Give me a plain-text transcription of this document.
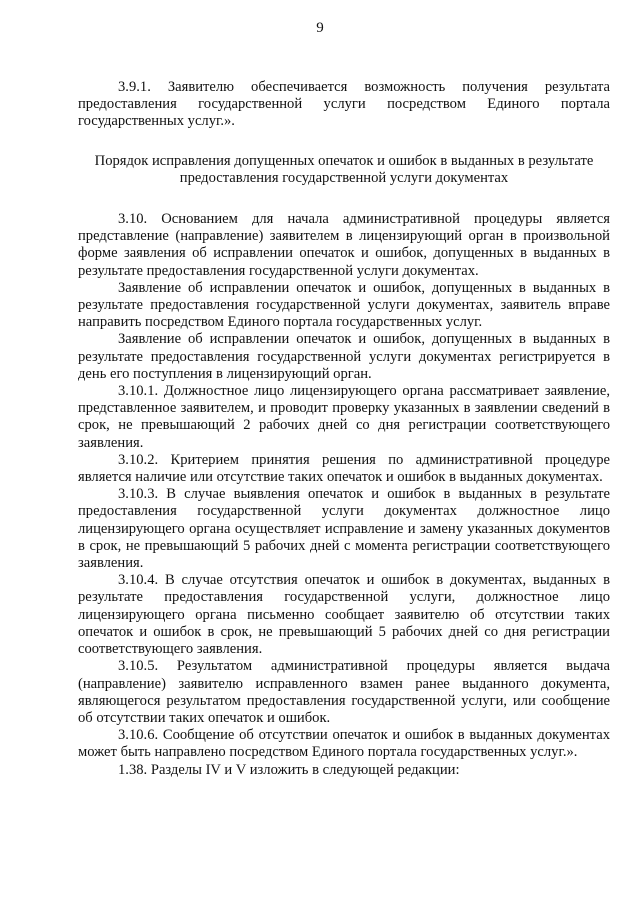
9

3.9.1. Заявителю обеспечивается возможность получения результата предоставления государственной услуги посредством Единого портала государственных услуг.».

Порядок исправления допущенных опечаток и ошибок в выданных в результате предоставления государственной услуги документах

3.10. Основанием для начала административной процедуры является представление (направление) заявителем в лицензирующий орган в произвольной форме заявления об исправлении опечаток и ошибок, допущенных в выданных в результате предоставления государственной услуги документах.

Заявление об исправлении опечаток и ошибок, допущенных в выданных в результате предоставления государственной услуги документах, заявитель вправе направить посредством Единого портала государственных услуг.

Заявление об исправлении опечаток и ошибок, допущенных в выданных в результате предоставления государственной услуги документах регистрируется в день его поступления в лицензирующий орган.

3.10.1. Должностное лицо лицензирующего органа рассматривает заявление, представленное заявителем, и проводит проверку указанных в заявлении сведений в срок, не превышающий 2 рабочих дней со дня регистрации соответствующего заявления.

3.10.2. Критерием принятия решения по административной процедуре является наличие или отсутствие таких опечаток и ошибок в выданных документах.

3.10.3. В случае выявления опечаток и ошибок в выданных в результате предоставления государственной услуги документах должностное лицо лицензирующего органа осуществляет исправление и замену указанных документов в срок, не превышающий 5 рабочих дней с момента регистрации соответствующего заявления.

3.10.4. В случае отсутствия опечаток и ошибок в документах, выданных в результате предоставления государственной услуги, должностное лицо лицензирующего органа письменно сообщает заявителю об отсутствии таких опечаток и ошибок в срок, не превышающий 5 рабочих дней со дня регистрации соответствующего заявления.

3.10.5. Результатом административной процедуры является выдача (направление) заявителю исправленного взамен ранее выданного документа, являющегося результатом предоставления государственной услуги, или сообщение об отсутствии таких опечаток и ошибок.

3.10.6. Сообщение об отсутствии опечаток и ошибок в выданных документах может быть направлено посредством Единого портала государственных услуг.».

1.38. Разделы IV и V изложить в следующей редакции:
